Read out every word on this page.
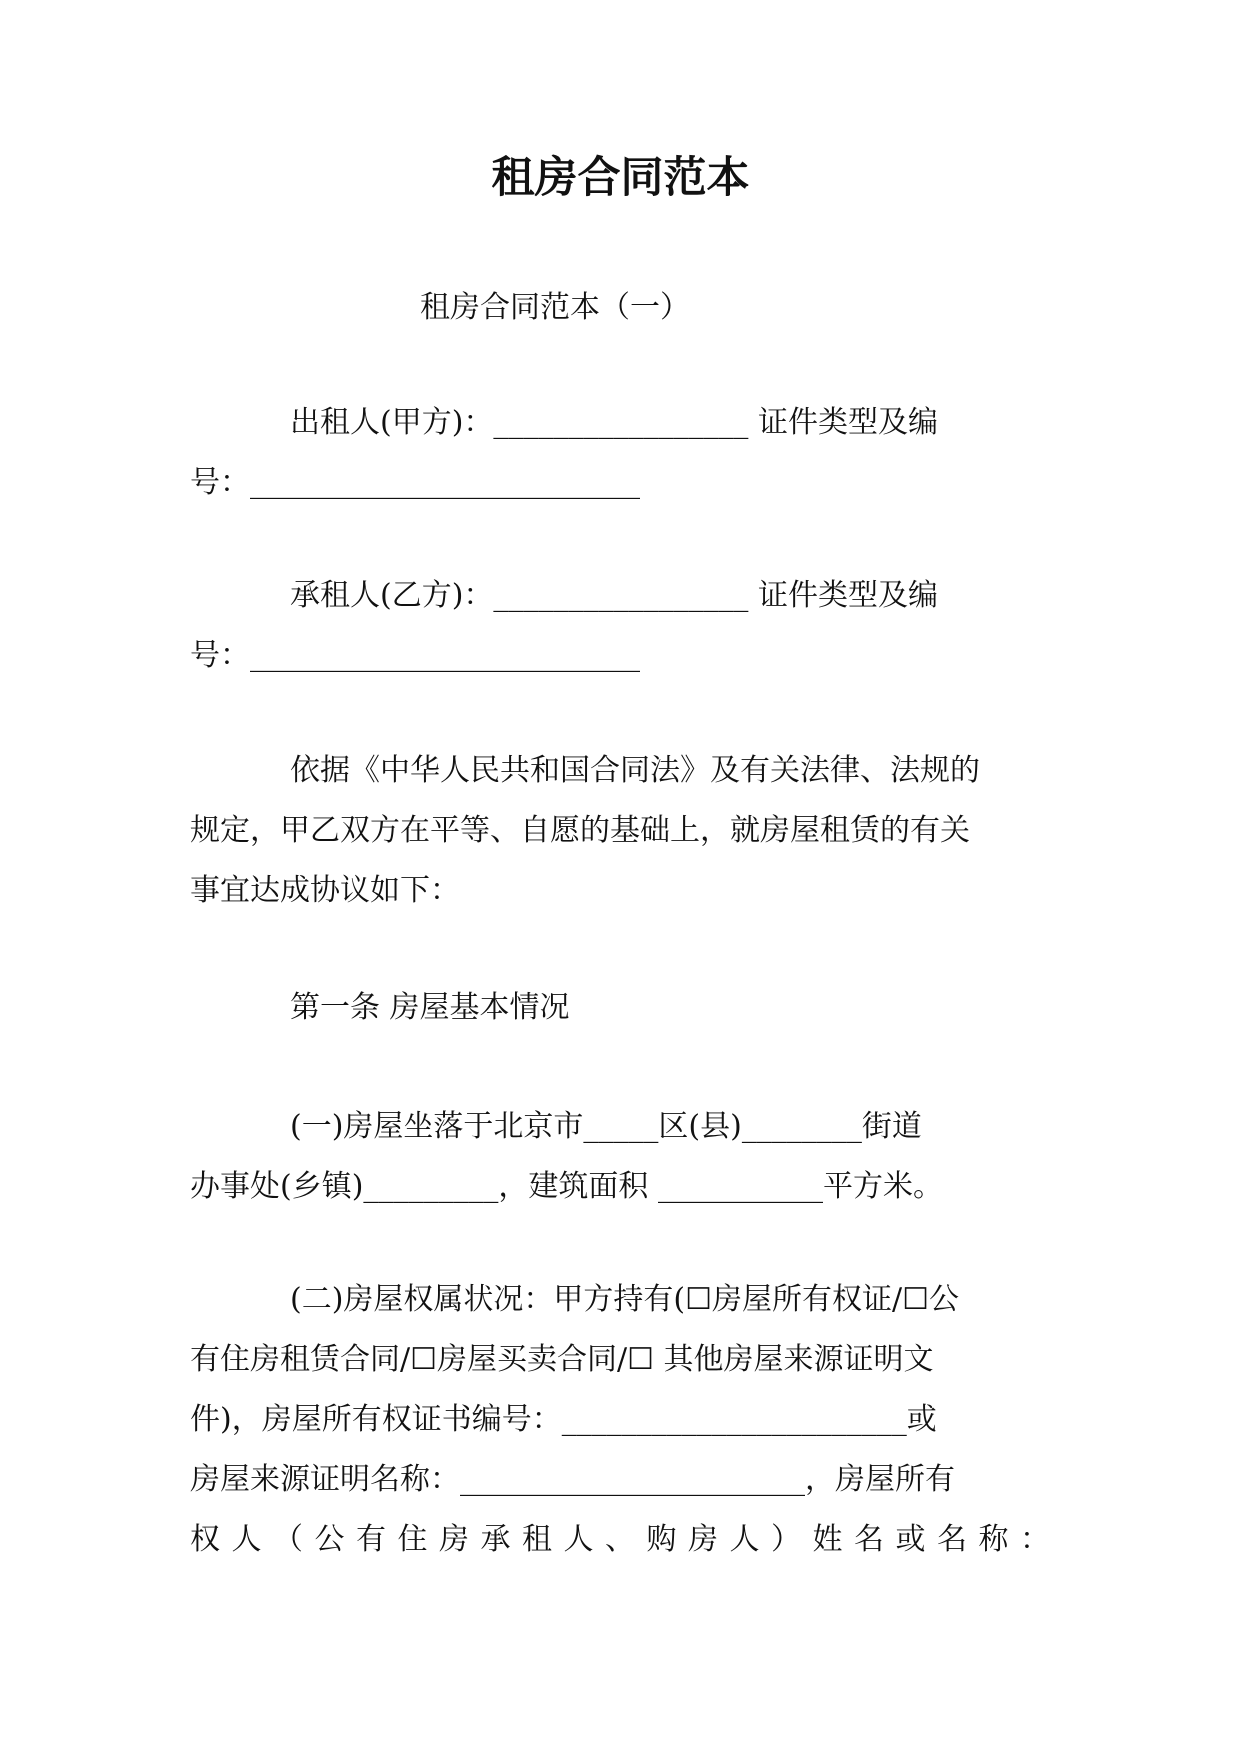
租房合同范本
租房合同范本（一）
出租人(甲方)：_________________ 证件类型及编
号：__________________________
承租人(乙方)：_________________ 证件类型及编
号：__________________________
依据《中华人民共和国合同法》及有关法律、法规的
规定，甲乙双方在平等、自愿的基础上，就房屋租赁的有关
事宜达成协议如下：
第一条 房屋基本情况
(一)房屋坐落于北京市_____区(县)________街道
办事处(乡镇)_________，建筑面积 ___________平方米。
(二)房屋权属状况：甲方持有(☐房屋所有权证/☐公
有住房租赁合同/☐房屋买卖合同/☐ 其他房屋来源证明文
件)，房屋所有权证书编号：_______________________或
房屋来源证明名称：_______________________，房屋所有
权 人 （ 公 有 住 房 承 租 人 、 购 房 人 ） 姓 名 或 名 称 ：
